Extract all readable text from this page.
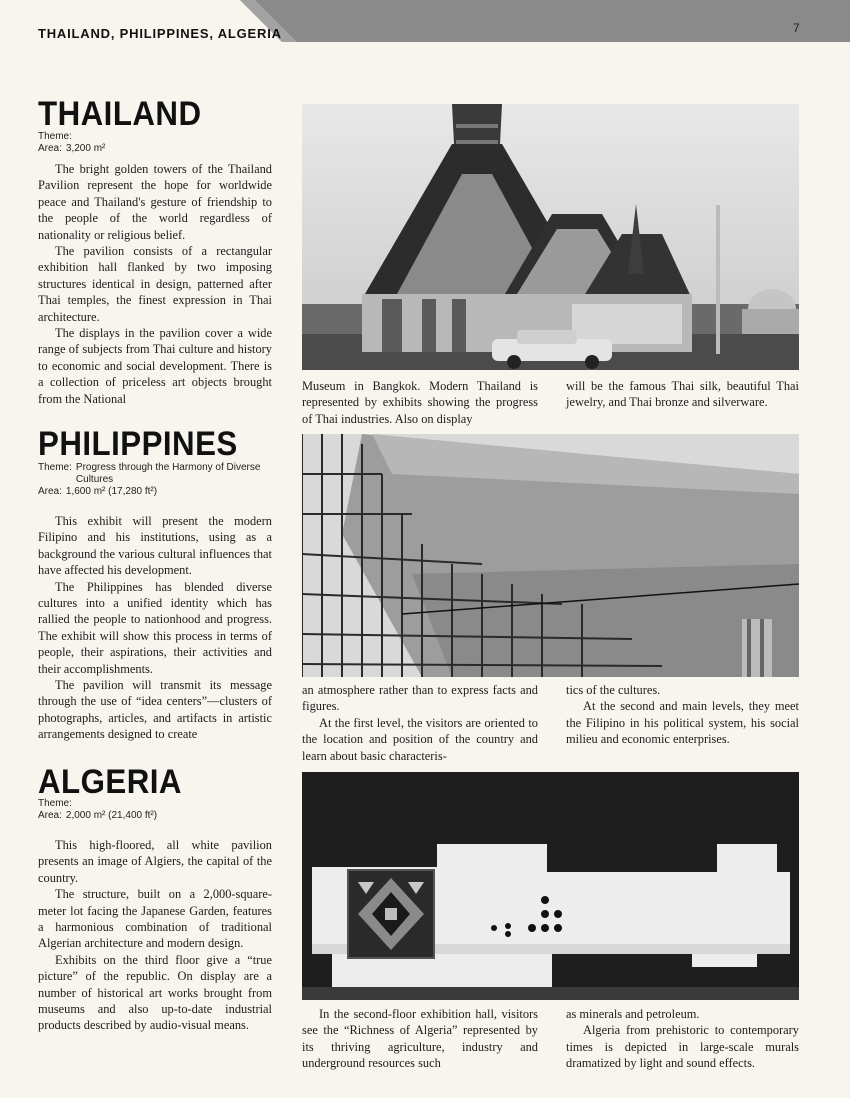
THAILAND, PHILIPPINES, ALGERIA	7
THAILAND
Theme:
Area: 3,200 m²

The bright golden towers of the Thailand Pavilion represent the hope for worldwide peace and Thailand's gesture of friendship to the people of the world regardless of nationality or religious belief.

The pavilion consists of a rectangular exhibition hall flanked by two imposing structures identical in design, patterned after Thai temples, the finest expression in Thai architecture.

The displays in the pavilion cover a wide range of subjects from Thai culture and history to economic and social development. There is a collection of priceless art objects brought from the National

Museum in Bangkok. Modern Thailand is represented by exhibits showing the progress of Thai industries. Also on display

will be the famous Thai silk, beautiful Thai jewelry, and Thai bronze and silverware.

PHILIPPINES
Theme: Progress through the Harmony of Diverse Cultures
Area: 1,600 m² (17,280 ft²)

This exhibit will present the modern Filipino and his institutions, using as a background the various cultural influences that have affected his development.

The Philippines has blended diverse cultures into a unified identity which has rallied the people to nationhood and progress. The exhibit will show this process in terms of people, their aspirations, their activities and their accomplishments.

The pavilion will transmit its message through the use of “idea centers”—clusters of photographs, articles, and artifacts in artistic arrangements designed to create

an atmosphere rather than to express facts and figures.

At the first level, the visitors are oriented to the location and position of the country and learn about basic characteris-

tics of the cultures.

At the second and main levels, they meet the Filipino in his political system, his social milieu and economic enterprises.

ALGERIA
Theme:
Area: 2,000 m² (21,400 ft²)

This high-floored, all white pavilion presents an image of Algiers, the capital of the country.

The structure, built on a 2,000-square-meter lot facing the Japanese Garden, features a harmonious combination of traditional Algerian architecture and modern design.

Exhibits on the third floor give a “true picture” of the republic. On display are a number of historical art works brought from museums and also up-to-date industrial products described by audio-visual means.

In the second-floor exhibition hall, visitors see the “Richness of Algeria” represented by its thriving agriculture, industry and underground resources such

as minerals and petroleum.

Algeria from prehistoric to contemporary times is depicted in large-scale murals dramatized by light and sound effects.
